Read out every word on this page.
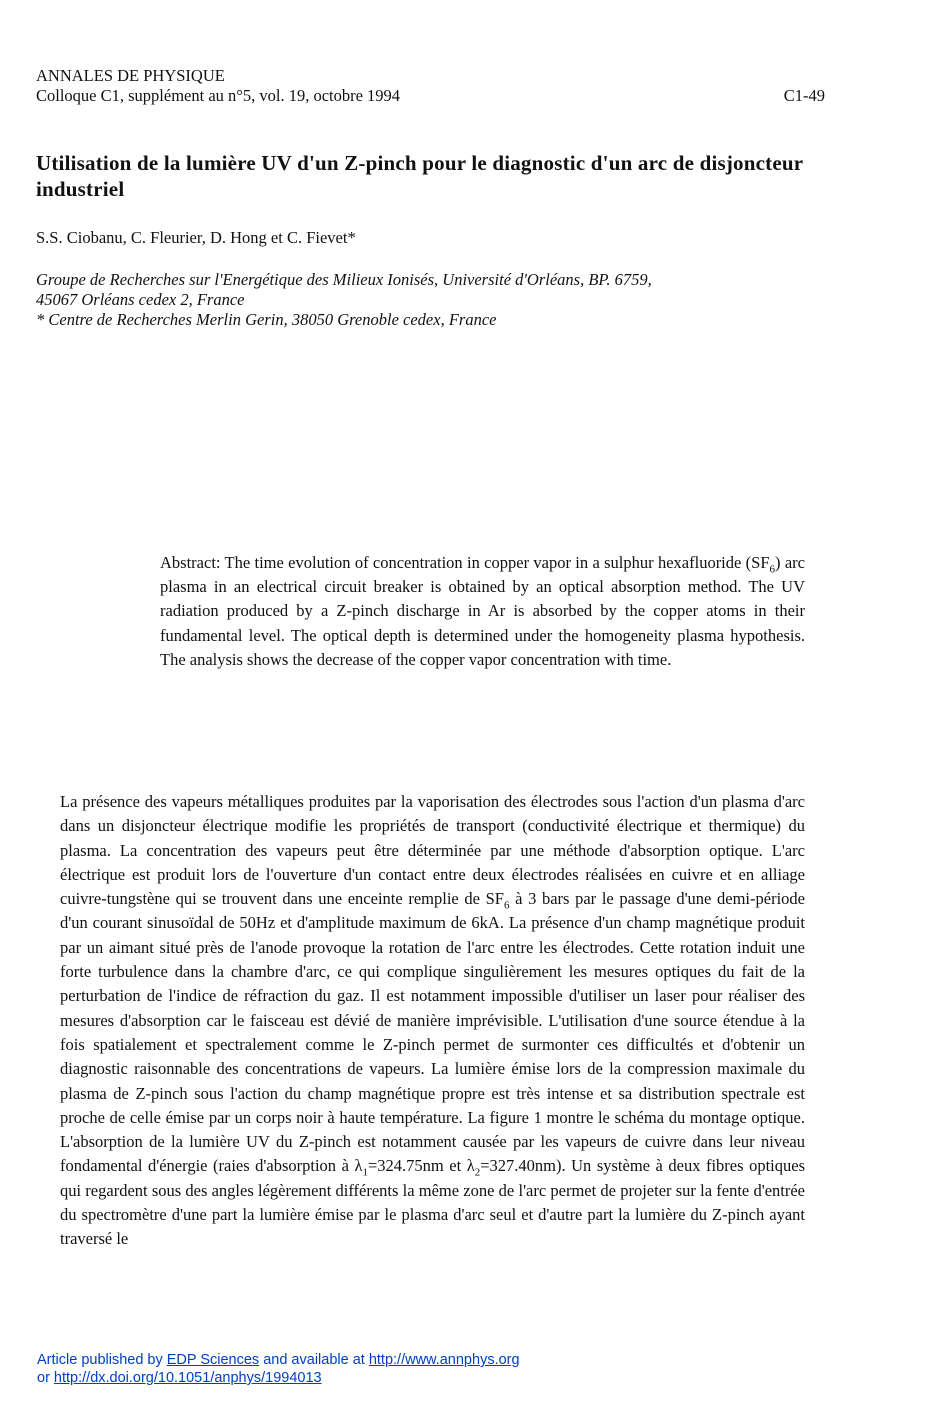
ANNALES DE PHYSIQUE
Colloque C1, supplément au n°5, vol. 19, octobre 1994	C1-49
Utilisation de la lumière UV d'un Z-pinch pour le diagnostic d'un arc de disjoncteur industriel
S.S. Ciobanu, C. Fleurier, D. Hong et C. Fievet*
Groupe de Recherches sur l'Energétique des Milieux Ionisés, Université d'Orléans, BP. 6759,
45067 Orléans cedex 2, France
* Centre de Recherches Merlin Gerin, 38050 Grenoble cedex, France
Abstract: The time evolution of concentration in copper vapor in a sulphur hexafluoride $(SF_6)$ arc plasma in an electrical circuit breaker is obtained by an optical absorption method. The UV radiation produced by a Z-pinch discharge in Ar is absorbed by the copper atoms in their fundamental level. The optical depth is determined under the homogeneity plasma hypothesis. The analysis shows the decrease of the copper vapor concentration with time.
La présence des vapeurs métalliques produites par la vaporisation des électrodes sous l'action d'un plasma d'arc dans un disjoncteur électrique modifie les propriétés de transport (conductivité électrique et thermique) du plasma. La concentration des vapeurs peut être déterminée par une méthode d'absorption optique. L'arc électrique est produit lors de l'ouverture d'un contact entre deux électrodes réalisées en cuivre et en alliage cuivre-tungstène qui se trouvent dans une enceinte remplie de $SF_6$ à 3 bars par le passage d'une demi-période d'un courant sinusoïdal de 50Hz et d'amplitude maximum de 6kA. La présence d'un champ magnétique produit par un aimant situé près de l'anode provoque la rotation de l'arc entre les électrodes. Cette rotation induit une forte turbulence dans la chambre d'arc, ce qui complique singulièrement les mesures optiques du fait de la perturbation de l'indice de réfraction du gaz. Il est notamment impossible d'utiliser un laser pour réaliser des mesures d'absorption car le faisceau est dévié de manière imprévisible. L'utilisation d'une source étendue à la fois spatialement et spectralement comme le Z-pinch permet de surmonter ces difficultés et d'obtenir un diagnostic raisonnable des concentrations de vapeurs. La lumière émise lors de la compression maximale du plasma de Z-pinch sous l'action du champ magnétique propre est très intense et sa distribution spectrale est proche de celle émise par un corps noir à haute température. La figure 1 montre le schéma du montage optique. L'absorption de la lumière UV du Z-pinch est notamment causée par les vapeurs de cuivre dans leur niveau fondamental d'énergie (raies d'absorption à $\lambda_1=324.75nm$ et $\lambda_2=327.40nm$). Un système à deux fibres optiques qui regardent sous des angles légèrement différents la même zone de l'arc permet de projeter sur la fente d'entrée du spectromètre d'une part la lumière émise par le plasma d'arc seul et d'autre part la lumière du Z-pinch ayant traversé le
Article published by EDP Sciences and available at http://www.annphys.org
or http://dx.doi.org/10.1051/anphys/1994013
